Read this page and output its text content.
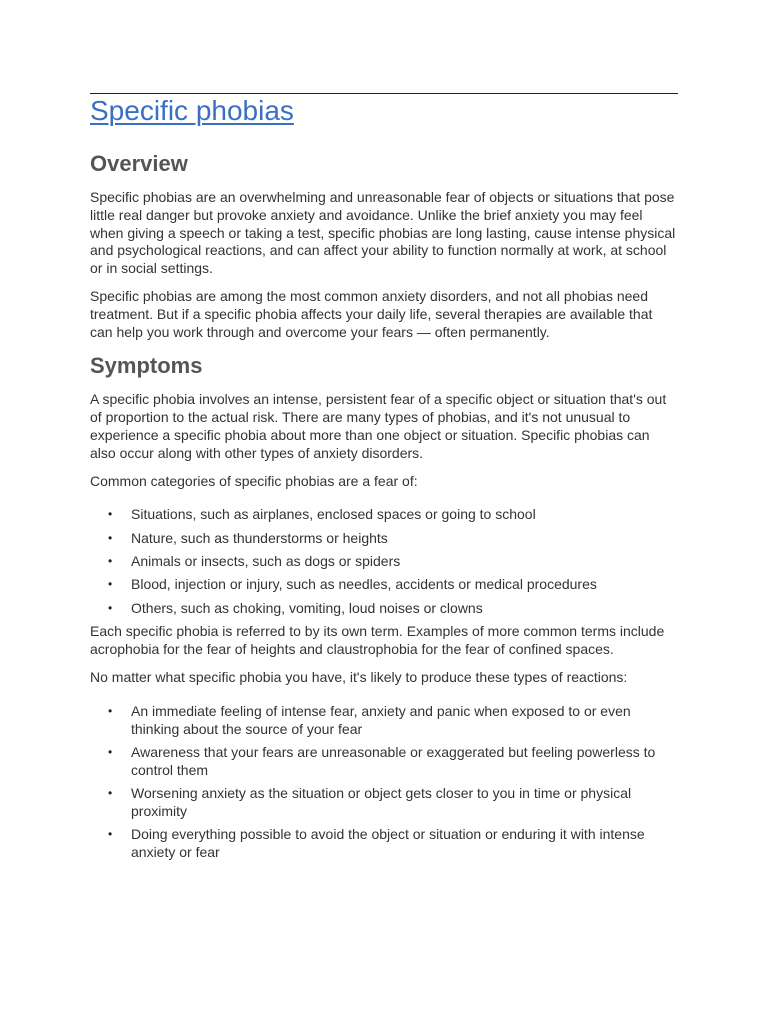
Specific phobias
Overview

Specific phobias are an overwhelming and unreasonable fear of objects or situations that pose little real danger but provoke anxiety and avoidance. Unlike the brief anxiety you may feel when giving a speech or taking a test, specific phobias are long lasting, cause intense physical and psychological reactions, and can affect your ability to function normally at work, at school or in social settings.

Specific phobias are among the most common anxiety disorders, and not all phobias need treatment. But if a specific phobia affects your daily life, several therapies are available that can help you work through and overcome your fears — often permanently.

Symptoms

A specific phobia involves an intense, persistent fear of a specific object or situation that's out of proportion to the actual risk. There are many types of phobias, and it's not unusual to experience a specific phobia about more than one object or situation. Specific phobias can also occur along with other types of anxiety disorders.

Common categories of specific phobias are a fear of:

• Situations, such as airplanes, enclosed spaces or going to school
• Nature, such as thunderstorms or heights
• Animals or insects, such as dogs or spiders
• Blood, injection or injury, such as needles, accidents or medical procedures
• Others, such as choking, vomiting, loud noises or clowns

Each specific phobia is referred to by its own term. Examples of more common terms include acrophobia for the fear of heights and claustrophobia for the fear of confined spaces.

No matter what specific phobia you have, it's likely to produce these types of reactions:

• An immediate feeling of intense fear, anxiety and panic when exposed to or even thinking about the source of your fear
• Awareness that your fears are unreasonable or exaggerated but feeling powerless to control them
• Worsening anxiety as the situation or object gets closer to you in time or physical proximity
• Doing everything possible to avoid the object or situation or enduring it with intense anxiety or fear
